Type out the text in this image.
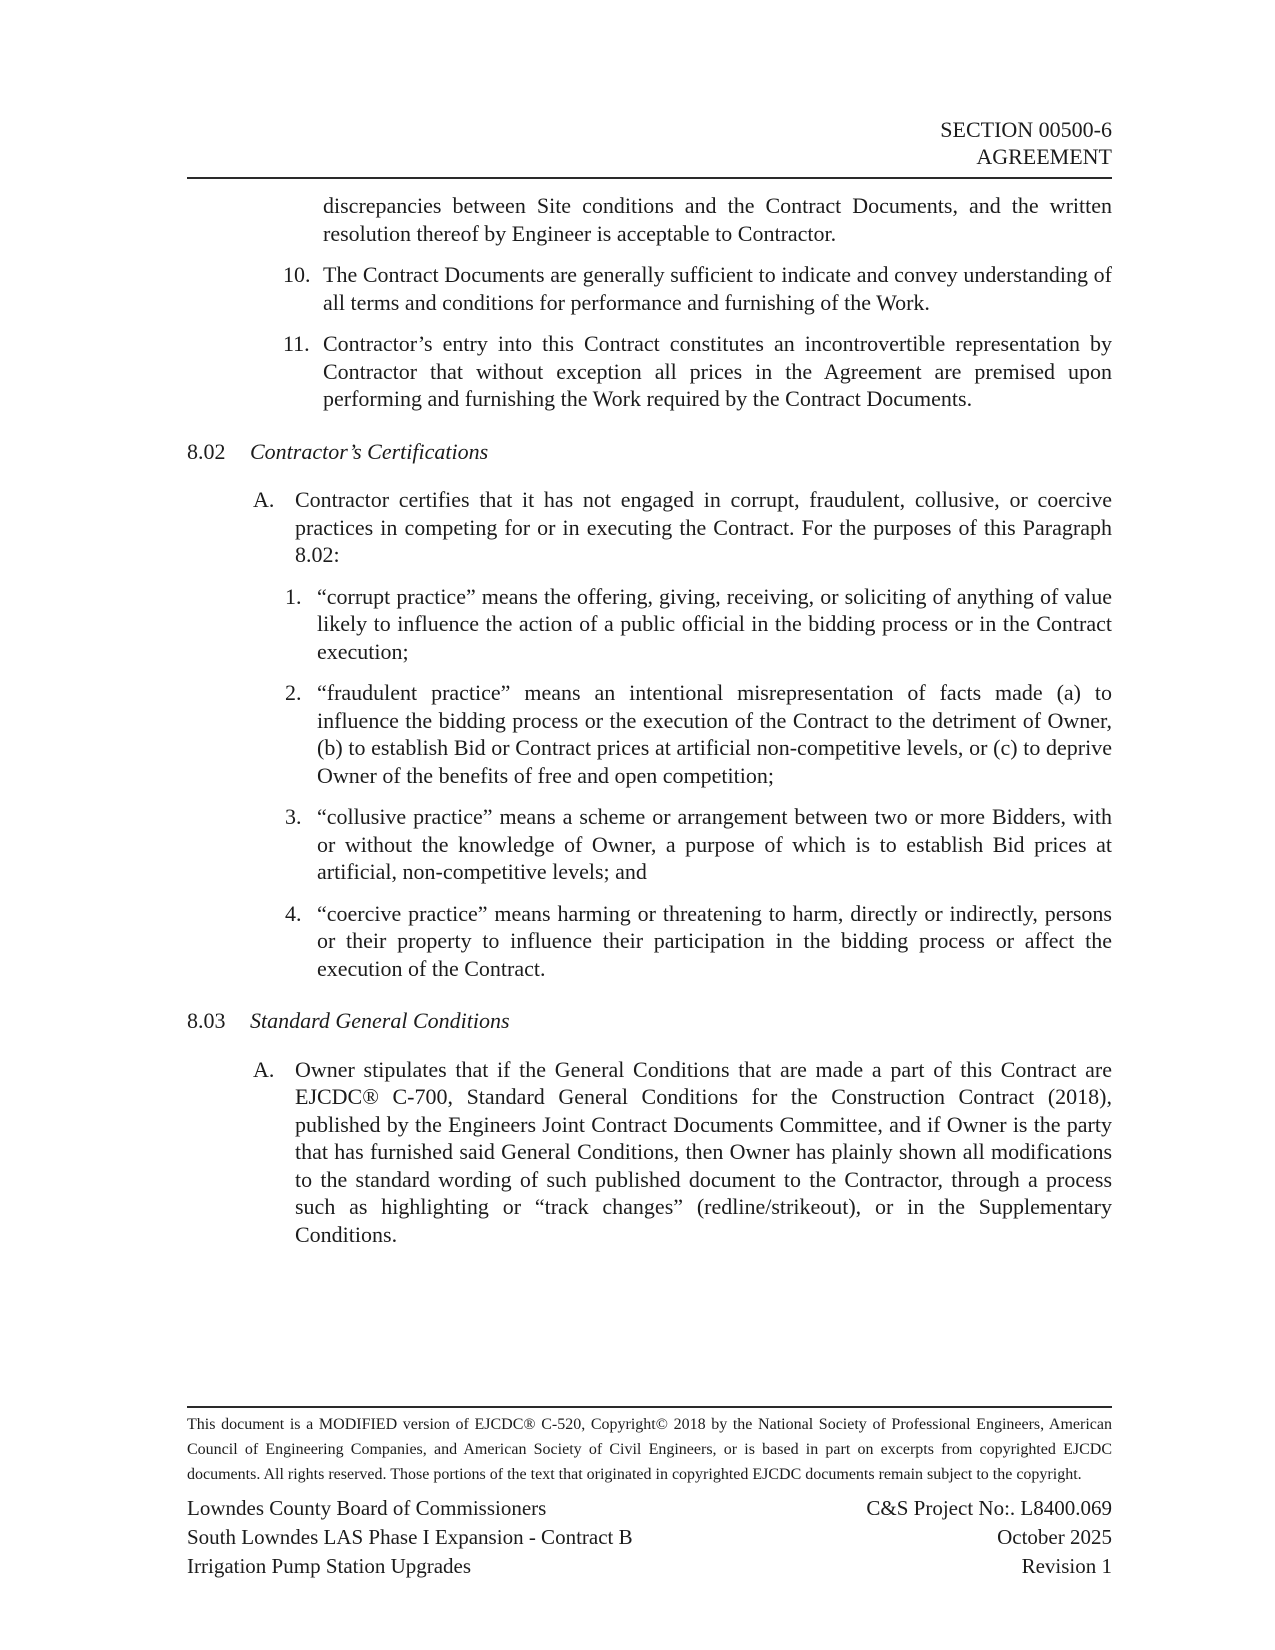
SECTION 00500-6
AGREEMENT

discrepancies between Site conditions and the Contract Documents, and the written resolution thereof by Engineer is acceptable to Contractor.

10. The Contract Documents are generally sufficient to indicate and convey understanding of all terms and conditions for performance and furnishing of the Work.
11. Contractor’s entry into this Contract constitutes an incontrovertible representation by Contractor that without exception all prices in the Agreement are premised upon performing and furnishing the Work required by the Contract Documents.
8.02 Contractor’s Certifications
A. Contractor certifies that it has not engaged in corrupt, fraudulent, collusive, or coercive practices in competing for or in executing the Contract. For the purposes of this Paragraph 8.02:
1. “corrupt practice” means the offering, giving, receiving, or soliciting of anything of value likely to influence the action of a public official in the bidding process or in the Contract execution;
2. “fraudulent practice” means an intentional misrepresentation of facts made (a) to influence the bidding process or the execution of the Contract to the detriment of Owner, (b) to establish Bid or Contract prices at artificial non-competitive levels, or (c) to deprive Owner of the benefits of free and open competition;
3. “collusive practice” means a scheme or arrangement between two or more Bidders, with or without the knowledge of Owner, a purpose of which is to establish Bid prices at artificial, non-competitive levels; and
4. “coercive practice” means harming or threatening to harm, directly or indirectly, persons or their property to influence their participation in the bidding process or affect the execution of the Contract.
8.03 Standard General Conditions
A. Owner stipulates that if the General Conditions that are made a part of this Contract are EJCDC® C-700, Standard General Conditions for the Construction Contract (2018), published by the Engineers Joint Contract Documents Committee, and if Owner is the party that has furnished said General Conditions, then Owner has plainly shown all modifications to the standard wording of such published document to the Contractor, through a process such as highlighting or “track changes” (redline/strikeout), or in the Supplementary Conditions.
This document is a MODIFIED version of EJCDC® C-520, Copyright© 2018 by the National Society of Professional Engineers, American Council of Engineering Companies, and American Society of Civil Engineers, or is based in part on excerpts from copyrighted EJCDC documents. All rights reserved. Those portions of the text that originated in copyrighted EJCDC documents remain subject to the copyright.
Lowndes County Board of Commissioners
South Lowndes LAS Phase I Expansion - Contract B
Irrigation Pump Station Upgrades
C&S Project No:. L8400.069
October 2025
Revision 1
